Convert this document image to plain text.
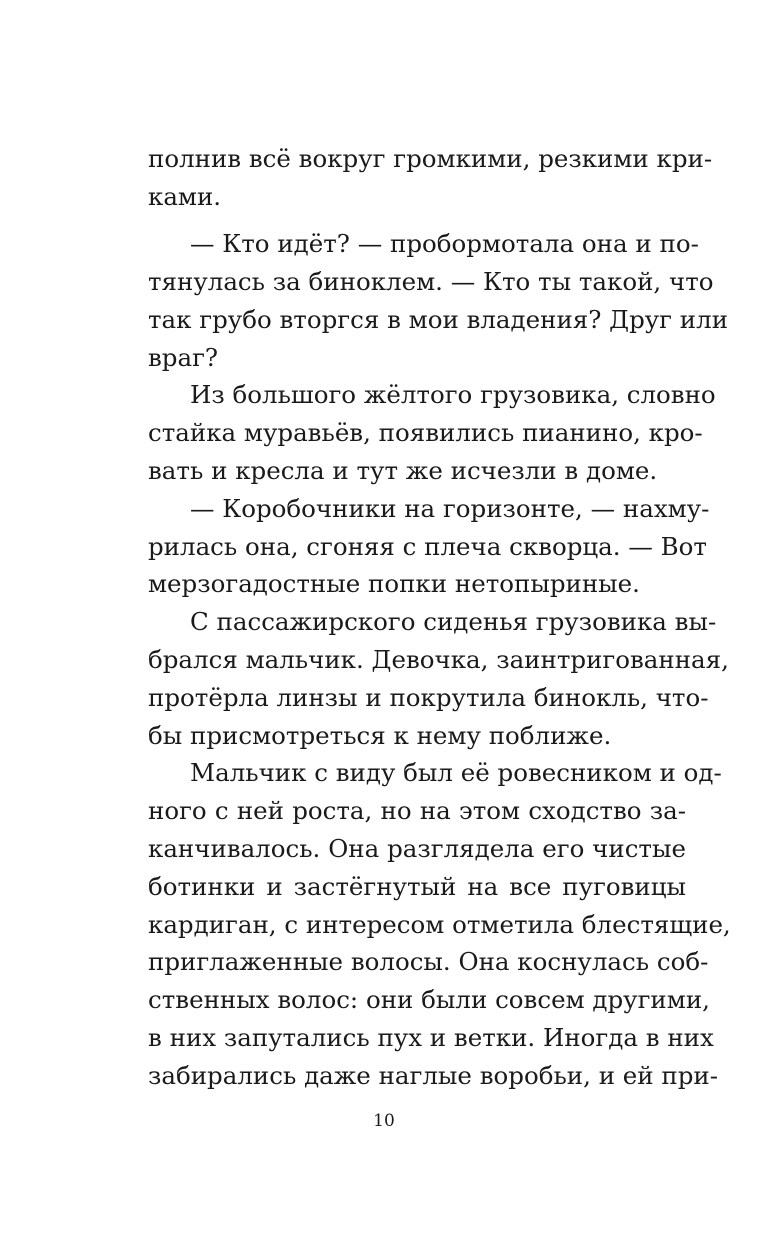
полнив всё вокруг громкими, резкими кри-
ками.
— Кто идёт? — пробормотала она и по-
тянулась за биноклем. — Кто ты такой, что
так грубо вторгся в мои владения? Друг или
враг?
Из большого жёлтого грузовика, словно
стайка муравьёв, появились пианино, кро-
вать и кресла и тут же исчезли в доме.
— Коробочники на горизонте, — нахму-
рилась она, сгоняя с плеча скворца. — Вот
мерзогадостные попки нетопыриные.
С пассажирского сиденья грузовика вы-
брался мальчик. Девочка, заинтригованная,
протёрла линзы и покрутила бинокль, что-
бы присмотреться к нему поближе.
Мальчик с виду был её ровесником и од-
ного с ней роста, но на этом сходство за-
канчивалось. Она разглядела его чистые
ботинки и застёгнутый на все пуговицы
кардиган, с интересом отметила блестящие,
приглаженные волосы. Она коснулась соб-
ственных волос: они были совсем другими,
в них запутались пух и ветки. Иногда в них
забирались даже наглые воробьи, и ей при-
10
